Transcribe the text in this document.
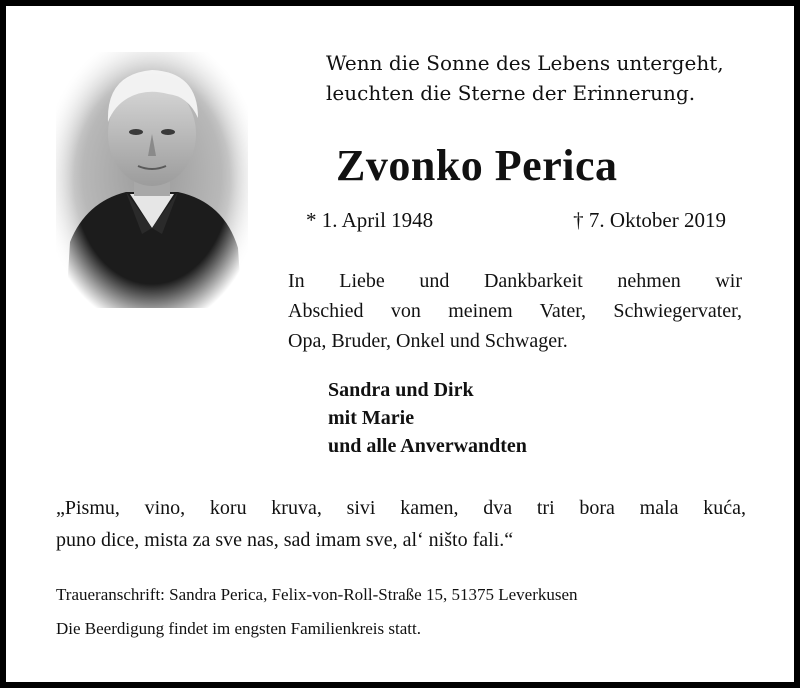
Wenn die Sonne des Lebens untergeht,
leuchten die Sterne der Erinnerung.
Zvonko Perica
* 1. April 1948	† 7. Oktober 2019
In Liebe und Dankbarkeit nehmen wir
Abschied von meinem Vater, Schwiegervater,
Opa, Bruder, Onkel und Schwager.
Sandra und Dirk
mit Marie
und alle Anverwandten
„Pismu, vino, koru kruva, sivi kamen, dva tri bora mala kuća,
puno dice, mista za sve nas, sad imam sve, al‘ ništo fali.“
Traueranschrift: Sandra Perica, Felix-von-Roll-Straße 15, 51375 Leverkusen
Die Beerdigung findet im engsten Familienkreis statt.
